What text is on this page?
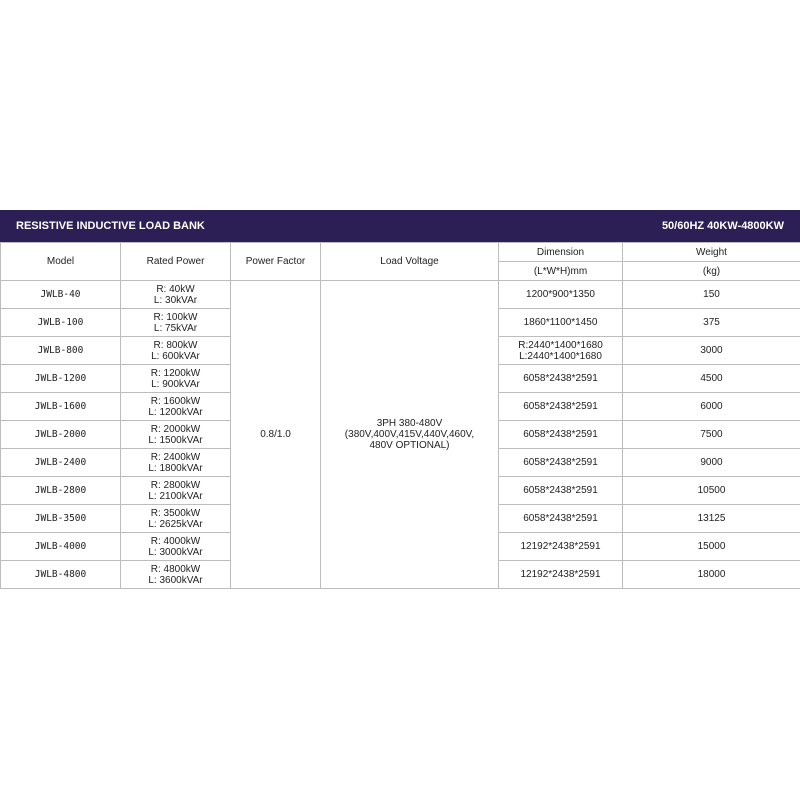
RESISTIVE INDUCTIVE LOAD BANK	50/60HZ 40KW-4800KW
Model	Rated Power	Power Factor	Load Voltage	Dimension	Weight
				(L*W*H)mm	(kg)
JWLB-40	R: 40kW
L: 30kVAr	0.8/1.0	3PH 380-480V
(380V,400V,415V,440V,460V,
480V OPTIONAL)	1200*900*1350	150
JWLB-100	R: 100kW
L: 75kVAr			1860*1100*1450	375
JWLB-800	R: 800kW
L: 600kVAr			R:2440*1400*1680
L:2440*1400*1680	3000
JWLB-1200	R: 1200kW
L: 900kVAr			6058*2438*2591	4500
JWLB-1600	R: 1600kW
L: 1200kVAr			6058*2438*2591	6000
JWLB-2000	R: 2000kW
L: 1500kVAr			6058*2438*2591	7500
JWLB-2400	R: 2400kW
L: 1800kVAr			6058*2438*2591	9000
JWLB-2800	R: 2800kW
L: 2100kVAr			6058*2438*2591	10500
JWLB-3500	R: 3500kW
L: 2625kVAr			6058*2438*2591	13125
JWLB-4000	R: 4000kW
L: 3000kVAr			12192*2438*2591	15000
JWLB-4800	R: 4800kW
L: 3600kVAr			12192*2438*2591	18000
